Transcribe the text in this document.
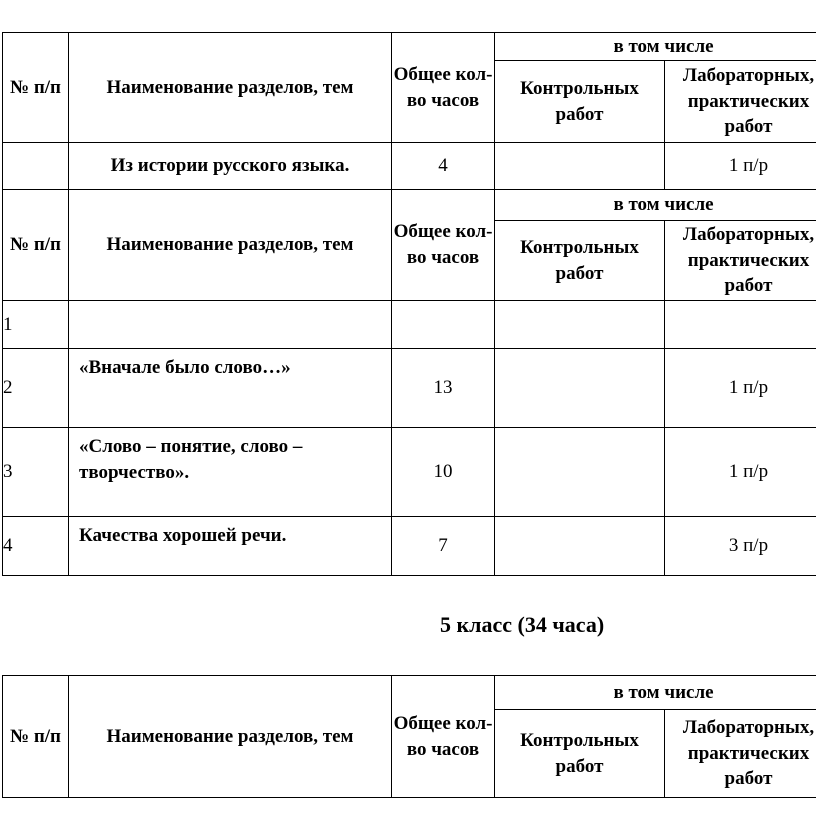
№ п/п	Наименование разделов, тем	Общее кол-во часов	в том числе	
			Контрольных работ	Лабораторных, практических работ
	Из истории русского языка.	4		1 п/р
№ п/п	Наименование разделов, тем	Общее кол-во часов	в том числе	
			Контрольных работ	Лабораторных, практических работ
1				
2	«Вначале было слово…»	13		1 п/р
3	«Слово – понятие, слово – творчество».	10		1 п/р
4	Качества хорошей речи.	7		3 п/р
5 класс (34 часа)
№ п/п	Наименование разделов, тем	Общее кол-во часов	в том числе	
			Контрольных работ	Лабораторных, практических работ
